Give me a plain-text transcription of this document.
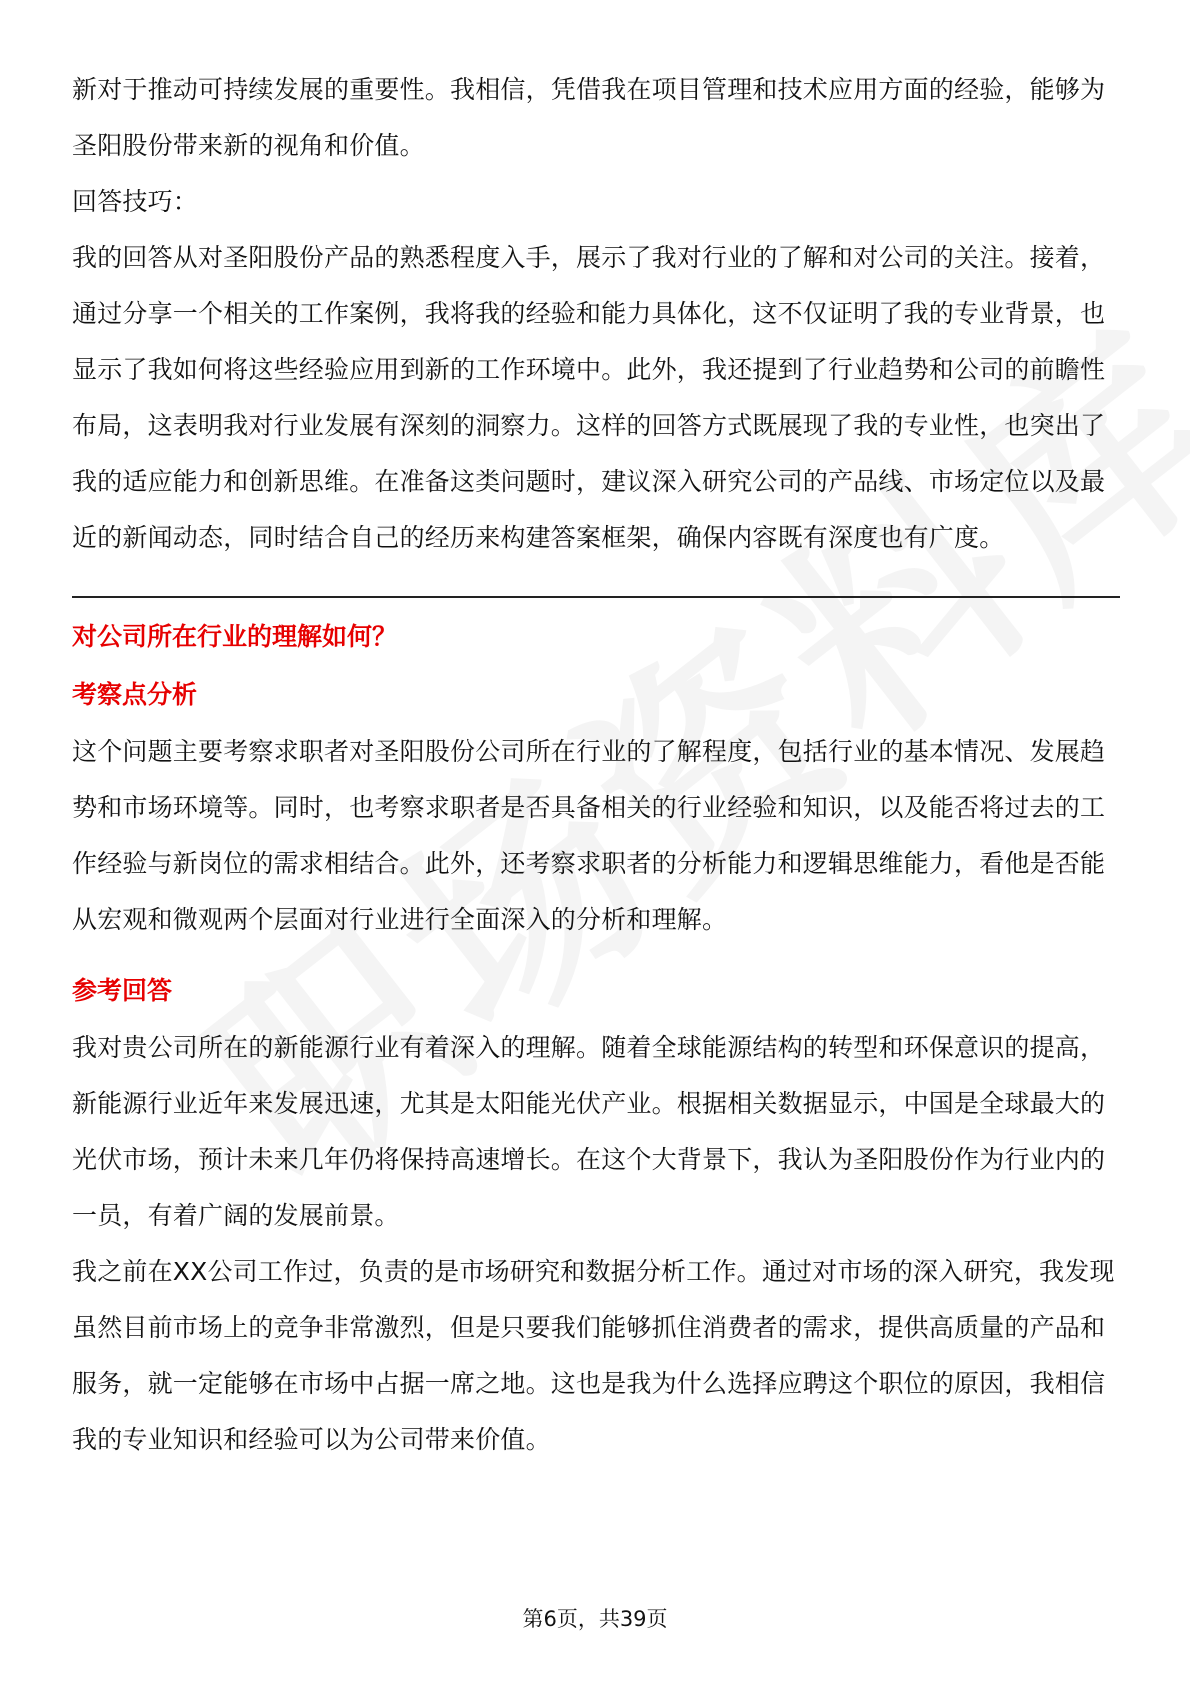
新对于推动可持续发展的重要性。我相信，凭借我在项目管理和技术应用方面的经验，能够为圣阳股份带来新的视角和价值。

回答技巧：

我的回答从对圣阳股份产品的熟悉程度入手，展示了我对行业的了解和对公司的关注。接着，通过分享一个相关的工作案例，我将我的经验和能力具体化，这不仅证明了我的专业背景，也显示了我如何将这些经验应用到新的工作环境中。此外，我还提到了行业趋势和公司的前瞻性布局，这表明我对行业发展有深刻的洞察力。这样的回答方式既展现了我的专业性，也突出了我的适应能力和创新思维。在准备这类问题时，建议深入研究公司的产品线、市场定位以及最近的新闻动态，同时结合自己的经历来构建答案框架，确保内容既有深度也有广度。

对公司所在行业的理解如何？
考察点分析

这个问题主要考察求职者对圣阳股份公司所在行业的了解程度，包括行业的基本情况、发展趋势和市场环境等。同时，也考察求职者是否具备相关的行业经验和知识，以及能否将过去的工作经验与新岗位的需求相结合。此外，还考察求职者的分析能力和逻辑思维能力，看他是否能从宏观和微观两个层面对行业进行全面深入的分析和理解。

参考回答

我对贵公司所在的新能源行业有着深入的理解。随着全球能源结构的转型和环保意识的提高，新能源行业近年来发展迅速，尤其是太阳能光伏产业。根据相关数据显示，中国是全球最大的光伏市场，预计未来几年仍将保持高速增长。在这个大背景下，我认为圣阳股份作为行业内的一员，有着广阔的发展前景。

我之前在XX公司工作过，负责的是市场研究和数据分析工作。通过对市场的深入研究，我发现虽然目前市场上的竞争非常激烈，但是只要我们能够抓住消费者的需求，提供高质量的产品和服务，就一定能够在市场中占据一席之地。这也是我为什么选择应聘这个职位的原因，我相信我的专业知识和经验可以为公司带来价值。

第6页，共39页
